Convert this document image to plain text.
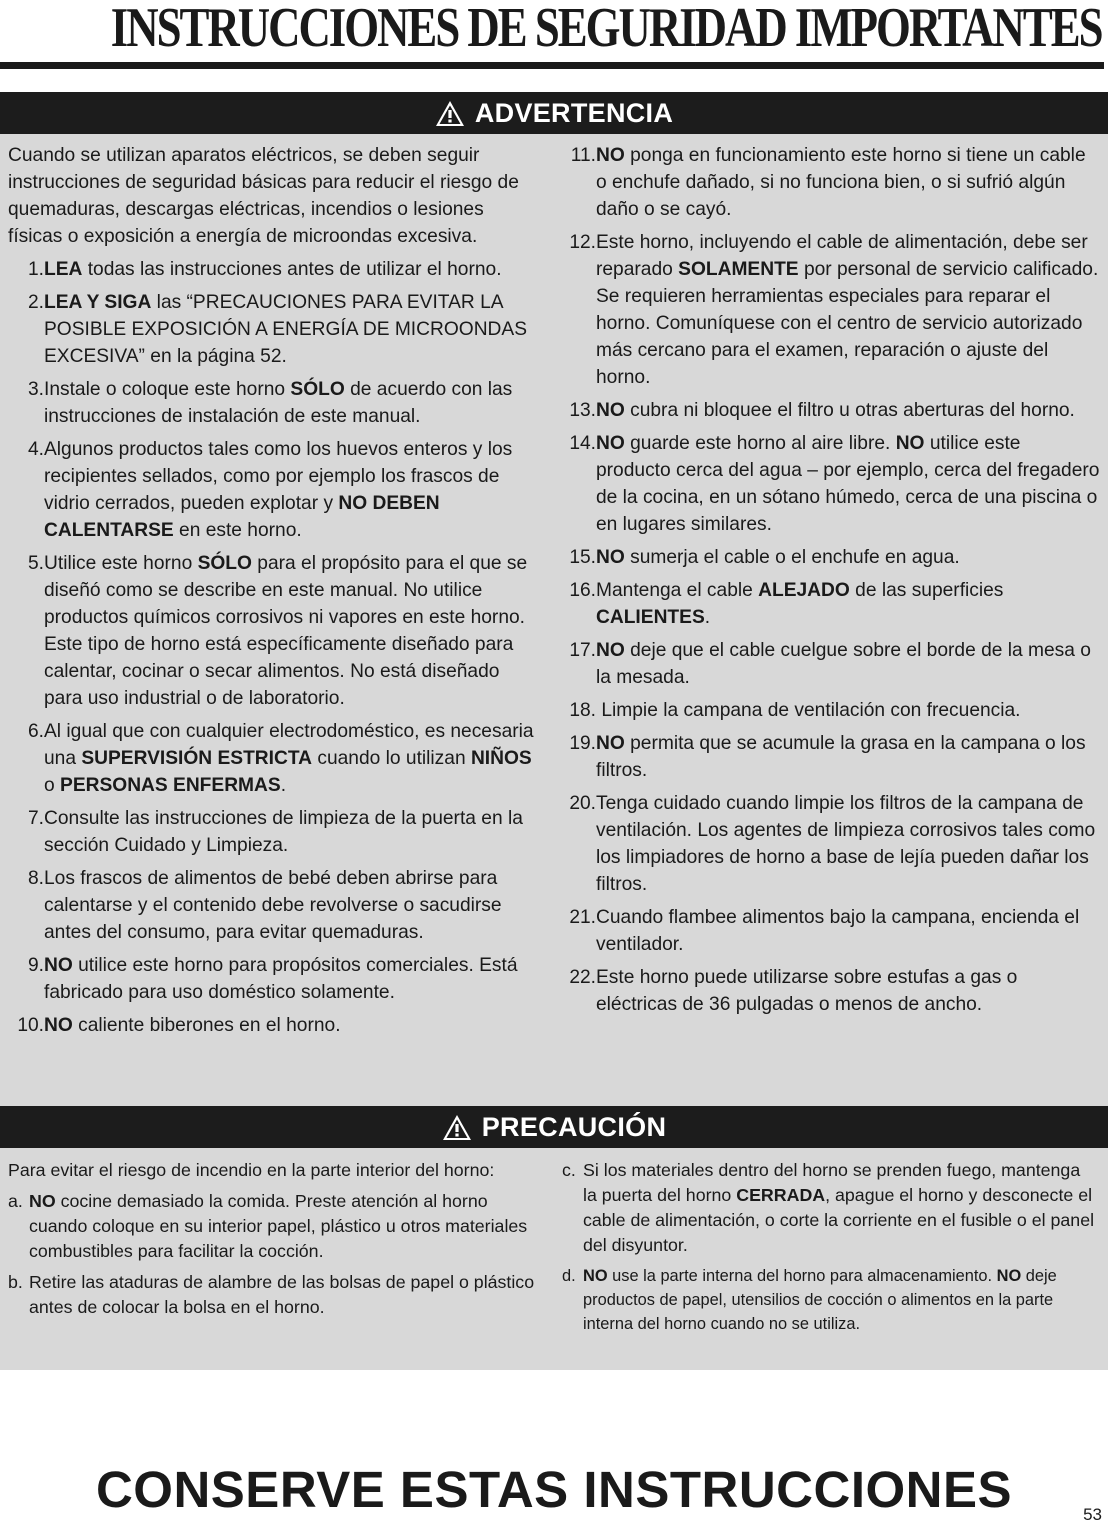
INSTRUCCIONES DE SEGURIDAD IMPORTANTES
ADVERTENCIA

Cuando se utilizan aparatos eléctricos, se deben seguir instrucciones de seguridad básicas para reducir el riesgo de quemaduras, descargas eléctricas, incendios o lesiones físicas o exposición a energía de microondas excesiva.

1. LEA todas las instrucciones antes de utilizar el horno.
2. LEA Y SIGA las “PRECAUCIONES PARA EVITAR LA POSIBLE EXPOSICIÓN A ENERGÍA DE MICROONDAS EXCESIVA” en la página 52.
3. Instale o coloque este horno SÓLO de acuerdo con las instrucciones de instalación de este manual.
4. Algunos productos tales como los huevos enteros y los recipientes sellados, como por ejemplo los frascos de vidrio cerrados, pueden explotar y NO DEBEN CALENTARSE en este horno.
5. Utilice este horno SÓLO para el propósito para el que se diseñó como se describe en este manual. No utilice productos químicos corrosivos ni vapores en este horno. Este tipo de horno está específicamente diseñado para calentar, cocinar o secar alimentos. No está diseñado para uso industrial o de laboratorio.
6. Al igual que con cualquier electrodoméstico, es necesaria una SUPERVISIÓN ESTRICTA cuando lo utilizan NIÑOS o PERSONAS ENFERMAS.
7. Consulte las instrucciones de limpieza de la puerta en la sección Cuidado y Limpieza.
8. Los frascos de alimentos de bebé deben abrirse para calentarse y el contenido debe revolverse o sacudirse antes del consumo, para evitar quemaduras.
9. NO utilice este horno para propósitos comerciales. Está fabricado para uso doméstico solamente.
10. NO caliente biberones en el horno.
11. NO ponga en funcionamiento este horno si tiene un cable o enchufe dañado, si no funciona bien, o si sufrió algún daño o se cayó.
12. Este horno, incluyendo el cable de alimentación, debe ser reparado SOLAMENTE por personal de servicio calificado. Se requieren herramientas especiales para reparar el horno. Comuníquese con el centro de servicio autorizado más cercano para el examen, reparación o ajuste del horno.
13. NO cubra ni bloquee el filtro u otras aberturas del horno.
14. NO guarde este horno al aire libre. NO utilice este producto cerca del agua – por ejemplo, cerca del fregadero de la cocina, en un sótano húmedo, cerca de una piscina o en lugares similares.
15. NO sumerja el cable o el enchufe en agua.
16. Mantenga el cable ALEJADO de las superficies CALIENTES.
17. NO deje que el cable cuelgue sobre el borde de la mesa o la mesada.
18. Limpie la campana de ventilación con frecuencia.
19. NO permita que se acumule la grasa en la campana o los filtros.
20. Tenga cuidado cuando limpie los filtros de la campana de ventilación. Los agentes de limpieza corrosivos tales como los limpiadores de horno a base de lejía pueden dañar los filtros.
21. Cuando flambee alimentos bajo la campana, encienda el ventilador.
22. Este horno puede utilizarse sobre estufas a gas o eléctricas de 36 pulgadas o menos de ancho.
PRECAUCIÓN

Para evitar el riesgo de incendio en la parte interior del horno:

a. NO cocine demasiado la comida. Preste atención al horno cuando coloque en su interior papel, plástico u otros materiales combustibles para facilitar la cocción.
b. Retire las ataduras de alambre de las bolsas de papel o plástico antes de colocar la bolsa en el horno.
c. Si los materiales dentro del horno se prenden fuego, mantenga la puerta del horno CERRADA, apague el horno y desconecte el cable de alimentación, o corte la corriente en el fusible o el panel del disyuntor.
d. NO use la parte interna del horno para almacenamiento. NO deje productos de papel, utensilios de cocción o alimentos en la parte interna del horno cuando no se utiliza.
CONSERVE ESTAS INSTRUCCIONES	53
